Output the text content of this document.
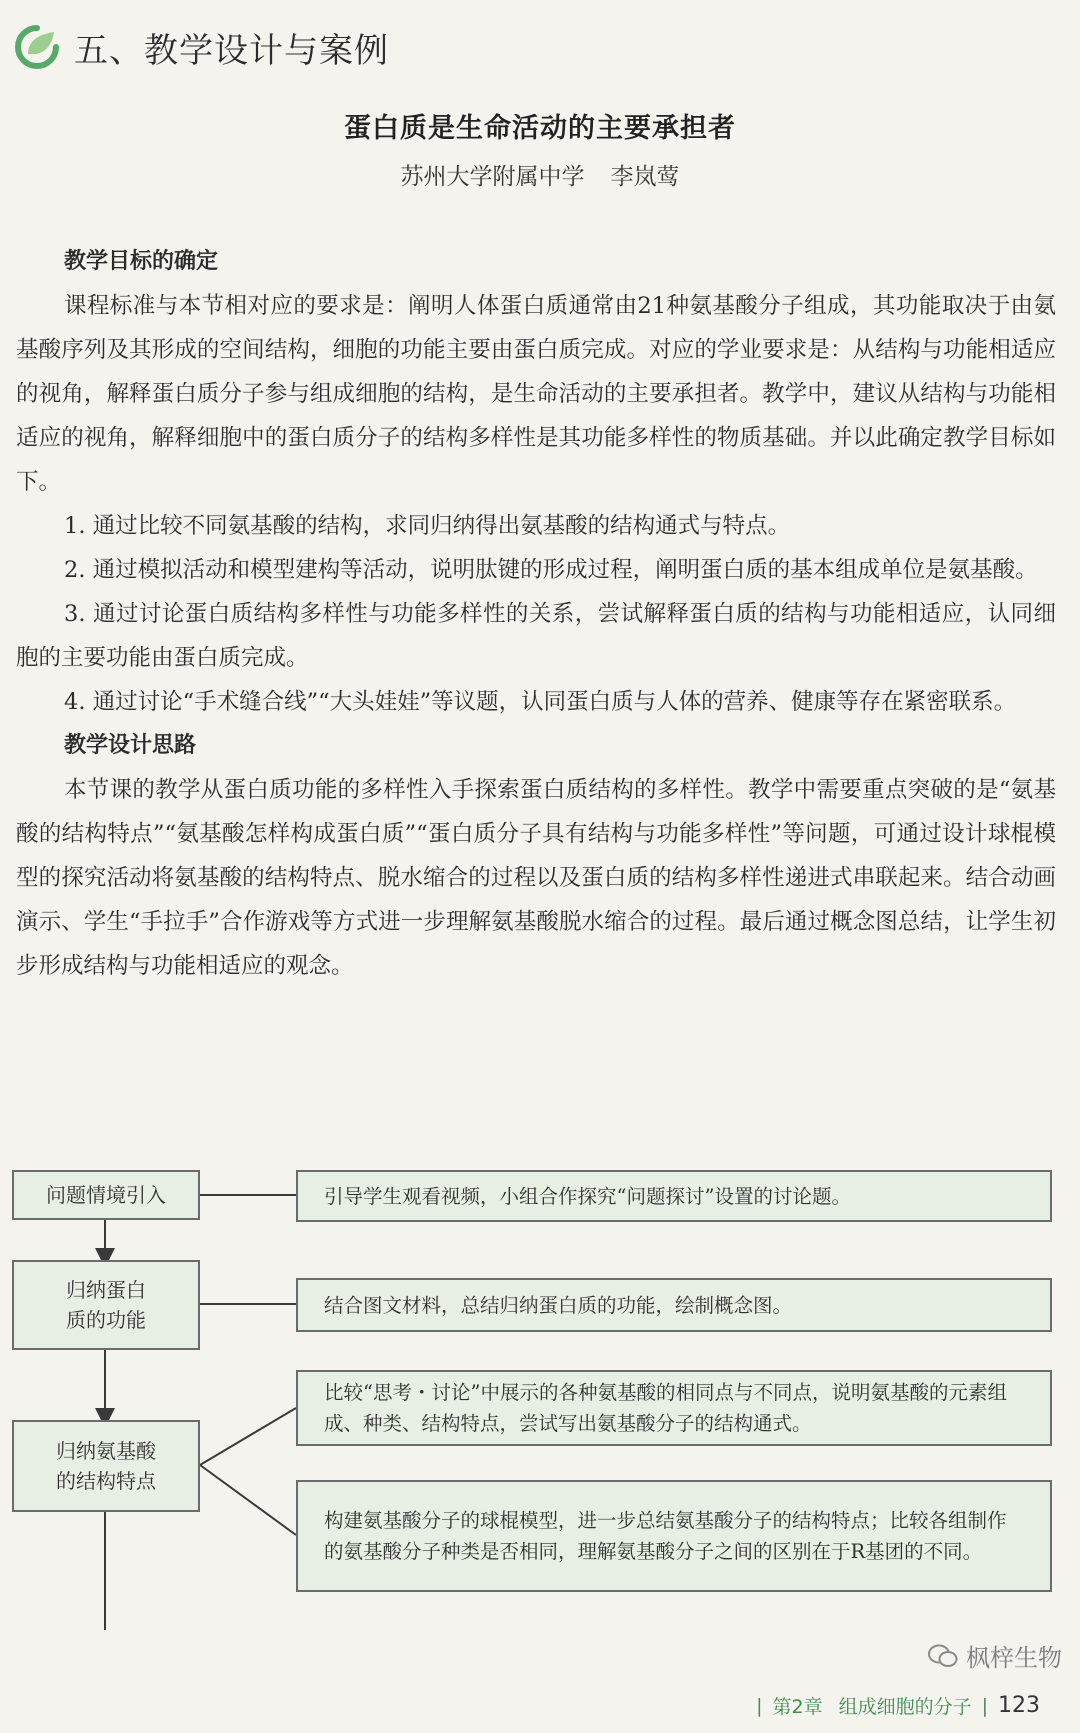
五、教学设计与案例
蛋白质是生命活动的主要承担者
苏州大学附属中学 李岚莺

教学目标的确定

课程标准与本节相对应的要求是：阐明人体蛋白质通常由21种氨基酸分子组成，其功能取决于由氨基酸序列及其形成的空间结构，细胞的功能主要由蛋白质完成。对应的学业要求是：从结构与功能相适应的视角，解释蛋白质分子参与组成细胞的结构，是生命活动的主要承担者。教学中，建议从结构与功能相适应的视角，解释细胞中的蛋白质分子的结构多样性是其功能多样性的物质基础。并以此确定教学目标如下。

1. 通过比较不同氨基酸的结构，求同归纳得出氨基酸的结构通式与特点。

2. 通过模拟活动和模型建构等活动，说明肽键的形成过程，阐明蛋白质的基本组成单位是氨基酸。

3. 通过讨论蛋白质结构多样性与功能多样性的关系，尝试解释蛋白质的结构与功能相适应，认同细胞的主要功能由蛋白质完成。

4. 通过讨论“手术缝合线”“大头娃娃”等议题，认同蛋白质与人体的营养、健康等存在紧密联系。

教学设计思路

本节课的教学从蛋白质功能的多样性入手探索蛋白质结构的多样性。教学中需要重点突破的是“氨基酸的结构特点”“氨基酸怎样构成蛋白质”“蛋白质分子具有结构与功能多样性”等问题，可通过设计球棍模型的探究活动将氨基酸的结构特点、脱水缩合的过程以及蛋白质的结构多样性递进式串联起来。结合动画演示、学生“手拉手”合作游戏等方式进一步理解氨基酸脱水缩合的过程。最后通过概念图总结，让学生初步形成结构与功能相适应的观念。

问题情境引入
归纳蛋白质的功能
归纳氨基酸的结构特点
引导学生观看视频，小组合作探究“问题探讨”设置的讨论题。
结合图文材料，总结归纳蛋白质的功能，绘制概念图。
比较“思考・讨论”中展示的各种氨基酸的相同点与不同点，说明氨基酸的元素组成、种类、结构特点，尝试写出氨基酸分子的结构通式。
构建氨基酸分子的球棍模型，进一步总结氨基酸分子的结构特点；比较各组制作的氨基酸分子种类是否相同，理解氨基酸分子之间的区别在于R基团的不同。
枫梓生物
| 第2章 组成细胞的分子 | 123
